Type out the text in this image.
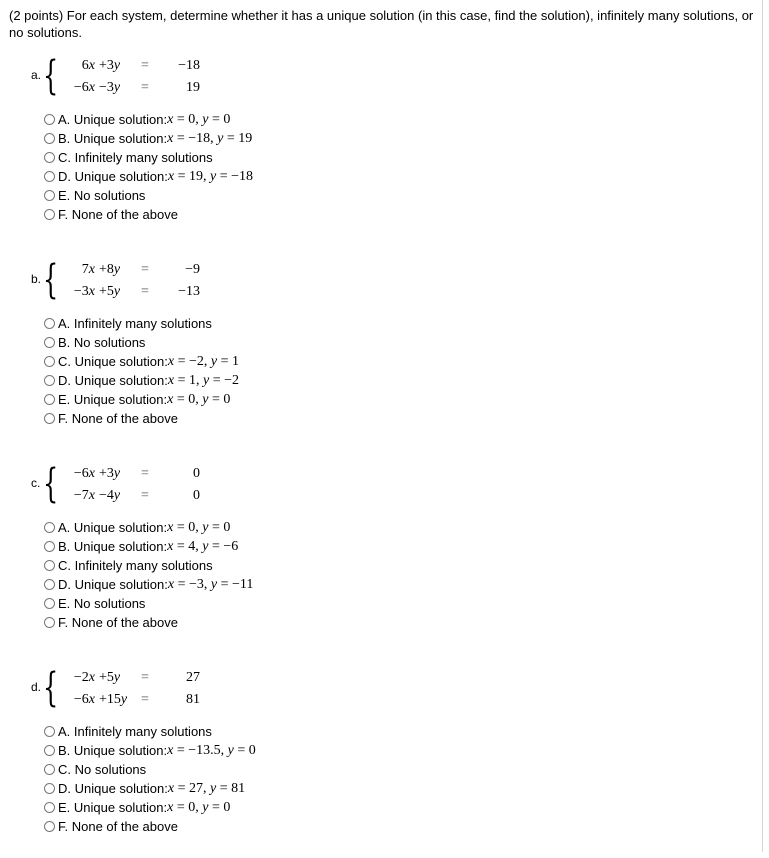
(2 points) For each system, determine whether it has a unique solution (in this case, find the solution), infinitely many solutions, or no solutions.
a. { 6x +3y =	−18
−6x −3y =	19
A. Unique solution: x = 0, y = 0
B. Unique solution: x = −18, y = 19
C. Infinitely many solutions
D. Unique solution: x = 19, y = −18
E. No solutions
F. None of the above
b. { 7x +8y =	−9
−3x +5y =	−13
A. Infinitely many solutions
B. No solutions
C. Unique solution: x = −2, y = 1
D. Unique solution: x = 1, y = −2
E. Unique solution: x = 0, y = 0
F. None of the above
c. { −6x +3y =	0
−7x −4y =	0
A. Unique solution: x = 0, y = 0
B. Unique solution: x = 4, y = −6
C. Infinitely many solutions
D. Unique solution: x = −3, y = −11
E. No solutions
F. None of the above
d. { −2x +5y =	27
−6x +15y =	81
A. Infinitely many solutions
B. Unique solution: x = −13.5, y = 0
C. No solutions
D. Unique solution: x = 27, y = 81
E. Unique solution: x = 0, y = 0
F. None of the above
